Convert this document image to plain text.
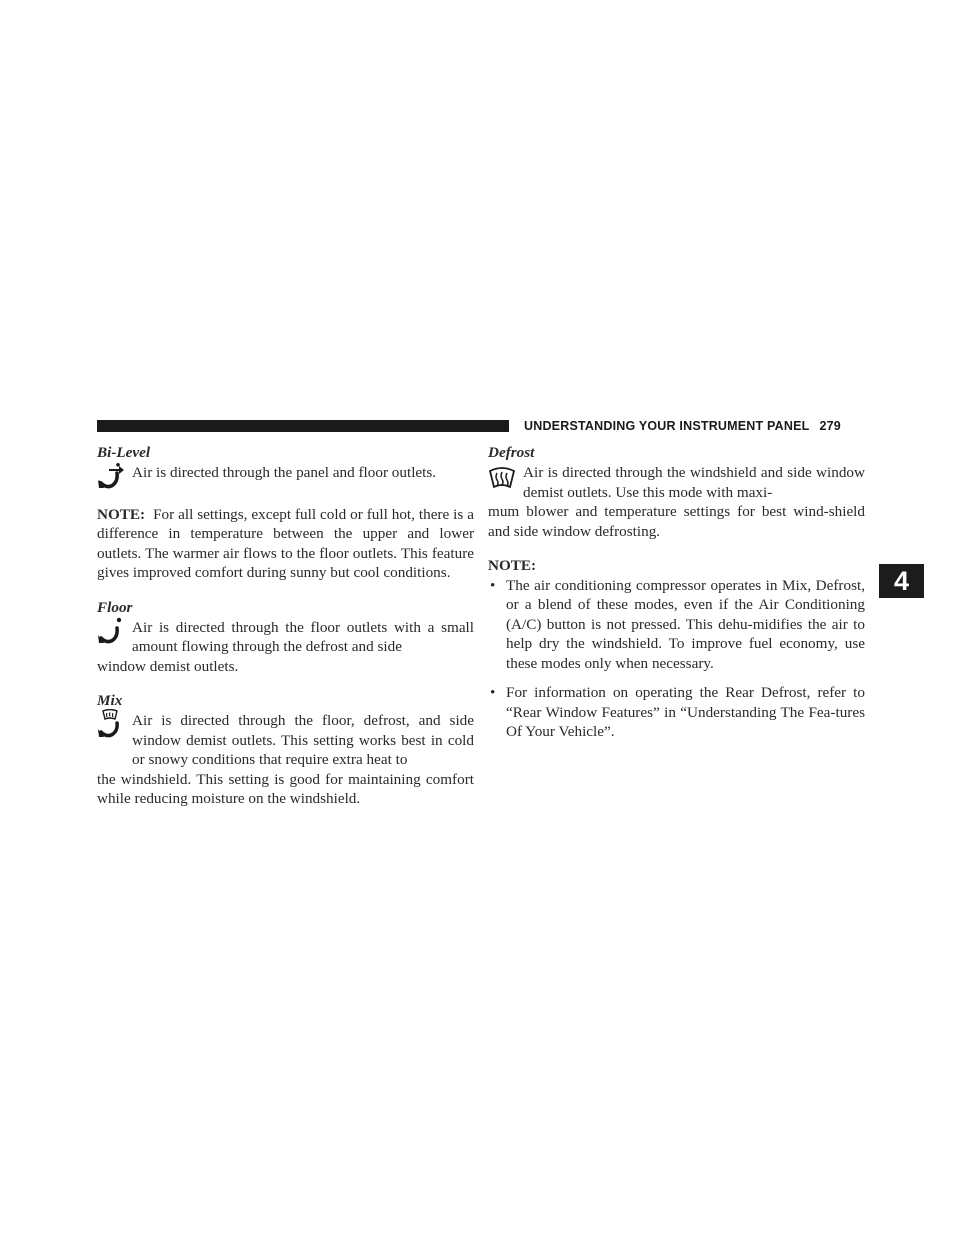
UNDERSTANDING YOUR INSTRUMENT PANEL 279
4
Bi-Level

Air is directed through the panel and floor outlets.

NOTE: For all settings, except full cold or full hot, there is a difference in temperature between the upper and lower outlets. The warmer air flows to the floor outlets. This feature gives improved comfort during sunny but cool conditions.

Floor

Air is directed through the floor outlets with a small amount flowing through the defrost and side

window demist outlets.

Mix

Air is directed through the floor, defrost, and side window demist outlets. This setting works best in cold or snowy conditions that require extra heat to

the windshield. This setting is good for maintaining comfort while reducing moisture on the windshield.

Defrost

Air is directed through the windshield and side window demist outlets. Use this mode with maxi-

mum blower and temperature settings for best wind-shield and side window defrosting.

NOTE:
• The air conditioning compressor operates in Mix, Defrost, or a blend of these modes, even if the Air Conditioning (A/C) button is not pressed. This dehu-midifies the air to help dry the windshield. To improve fuel economy, use these modes only when necessary.
• For information on operating the Rear Defrost, refer to “Rear Window Features” in “Understanding The Fea-tures Of Your Vehicle”.
